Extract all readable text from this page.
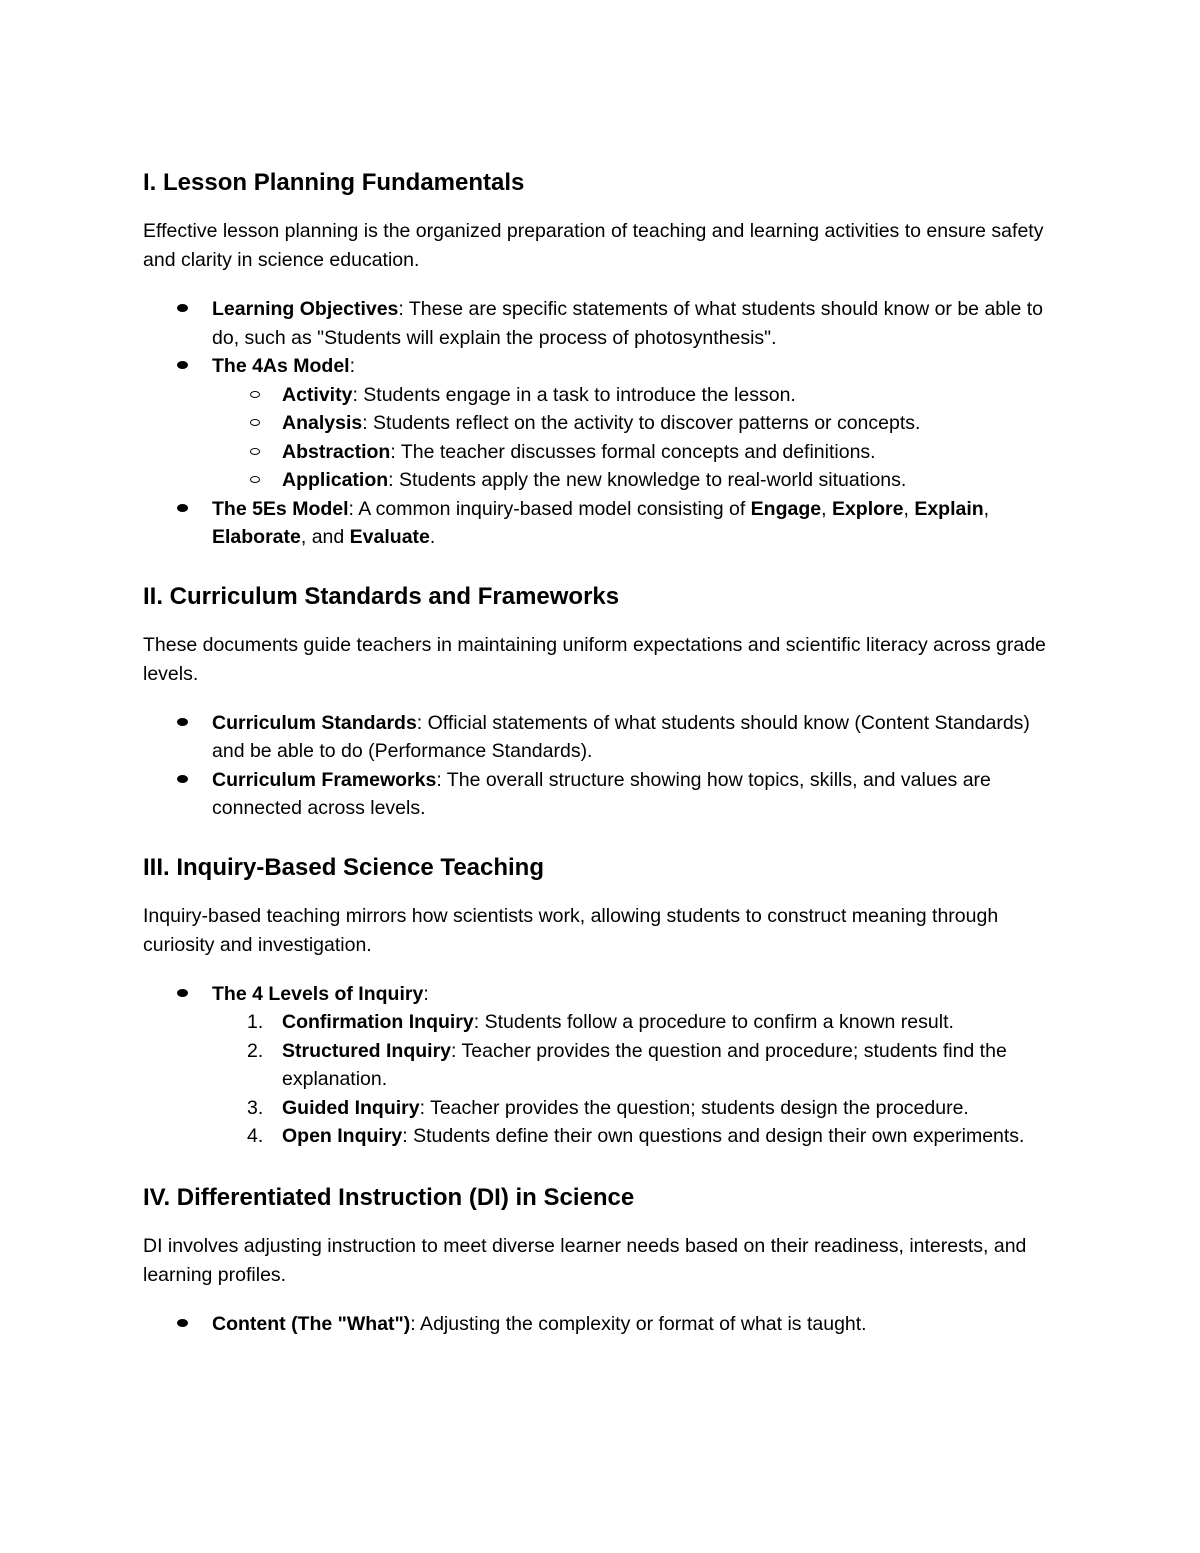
I. Lesson Planning Fundamentals

Effective lesson planning is the organized preparation of teaching and learning activities to ensure safety and clarity in science education.

Learning Objectives: These are specific statements of what students should know or be able to do, such as "Students will explain the process of photosynthesis".
The 4As Model:
Activity: Students engage in a task to introduce the lesson.
Analysis: Students reflect on the activity to discover patterns or concepts.
Abstraction: The teacher discusses formal concepts and definitions.
Application: Students apply the new knowledge to real-world situations.
The 5Es Model: A common inquiry-based model consisting of Engage, Explore, Explain, Elaborate, and Evaluate.
II. Curriculum Standards and Frameworks

These documents guide teachers in maintaining uniform expectations and scientific literacy across grade levels.

Curriculum Standards: Official statements of what students should know (Content Standards) and be able to do (Performance Standards).
Curriculum Frameworks: The overall structure showing how topics, skills, and values are connected across levels.
III. Inquiry-Based Science Teaching

Inquiry-based teaching mirrors how scientists work, allowing students to construct meaning through curiosity and investigation.

The 4 Levels of Inquiry:
1. Confirmation Inquiry: Students follow a procedure to confirm a known result.
2. Structured Inquiry: Teacher provides the question and procedure; students find the explanation.
3. Guided Inquiry: Teacher provides the question; students design the procedure.
4. Open Inquiry: Students define their own questions and design their own experiments.
IV. Differentiated Instruction (DI) in Science

DI involves adjusting instruction to meet diverse learner needs based on their readiness, interests, and learning profiles.

Content (The "What"): Adjusting the complexity or format of what is taught.
